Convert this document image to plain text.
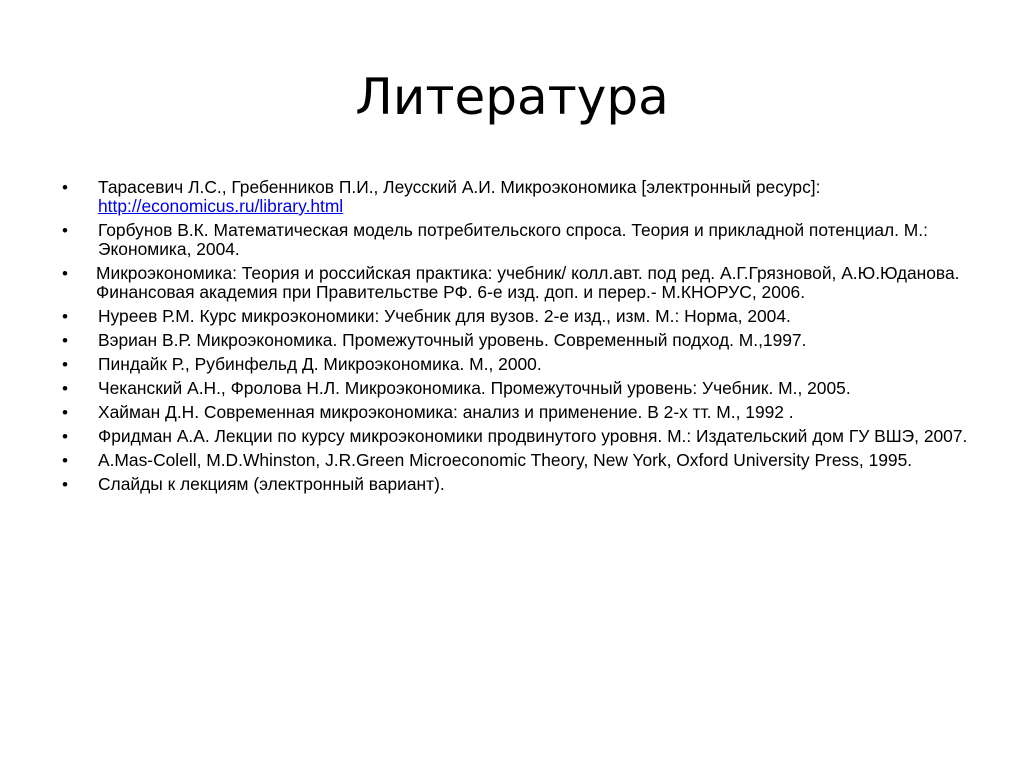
Литература
• Тарасевич Л.С., Гребенников П.И., Леусский А.И. Микроэкономика [электронный ресурс]:
http://economicus.ru/library.html
• Горбунов В.К. Математическая модель потребительского спроса. Теория и прикладной потенциал. М.: Экономика, 2004.
• Микроэкономика: Теория и российская практика: учебник/ колл.авт. под ред. А.Г.Грязновой, А.Ю.Юданова. Финансовая академия при Правительстве РФ. 6-е изд. доп. и перер.- М.КНОРУС, 2006.
• Нуреев Р.М. Курс микроэкономики: Учебник для вузов. 2-е изд., изм. М.: Норма, 2004.
• Вэриан В.Р. Микроэкономика. Промежуточный уровень. Современный подход. М.,1997.
• Пиндайк Р., Рубинфельд Д. Микроэкономика. М., 2000.
• Чеканский А.Н., Фролова Н.Л. Микроэкономика. Промежуточный уровень: Учебник. М., 2005.
• Хайман Д.Н. Современная микроэкономика: анализ и применение. В 2-х тт. М., 1992 .
• Фридман А.А. Лекции по курсу микроэкономики продвинутого уровня. М.: Издательский дом ГУ ВШЭ, 2007.
• A.Mas-Colell, M.D.Whinston, J.R.Green Microeconomic Theory, New York, Oxford University Press, 1995.
• Слайды к лекциям (электронный вариант).
